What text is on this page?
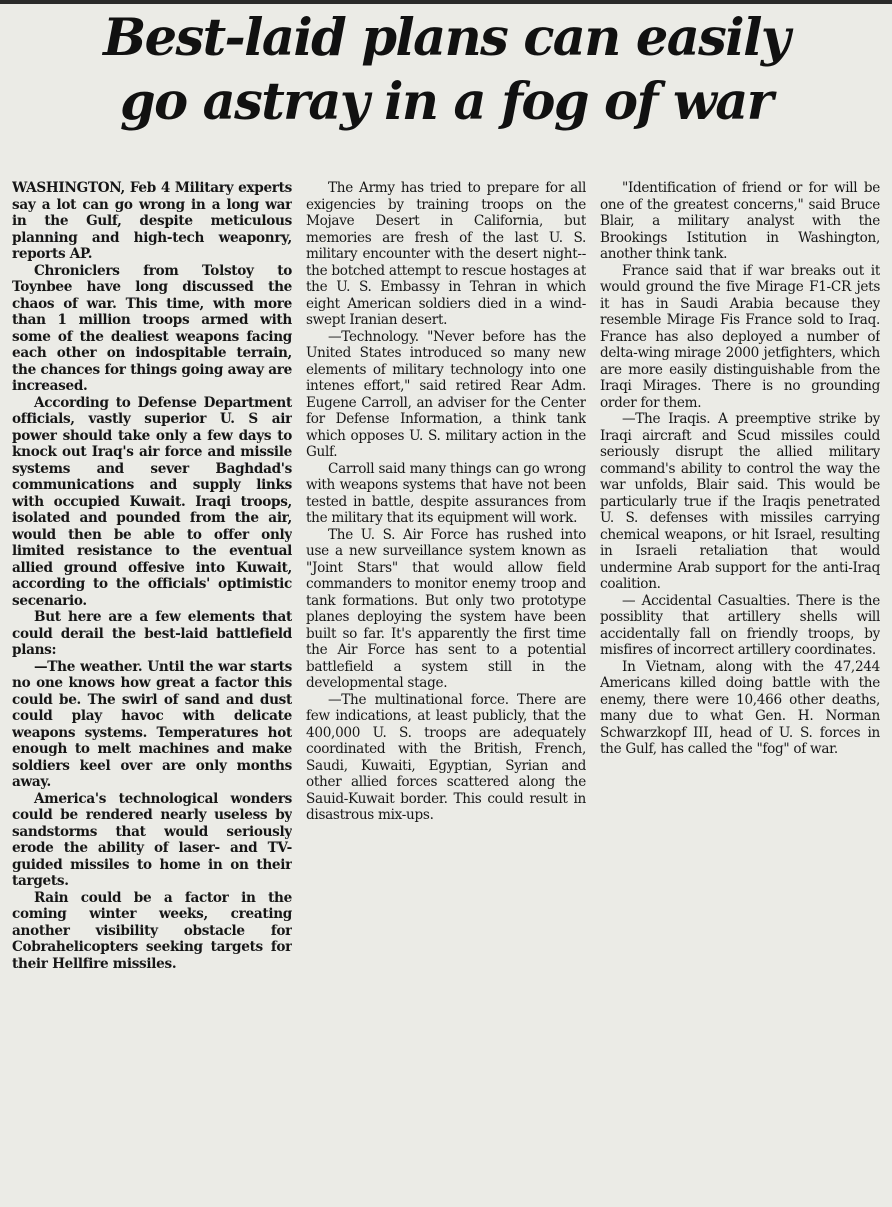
Best-laid plans can easily
go astray in a fog of war

WASHINGTON, Feb 4 Military experts say a lot can go wrong in a long war in the Gulf, despite meticulous planning and high-tech weaponry, reports AP.

Chroniclers from Tolstoy to Toynbee have long discussed the chaos of war. This time, with more than 1 million troops armed with some of the dealiest weapons facing each other on indospitable terrain, the chances for things going away are increased.

According to Defense Department officials, vastly superior U. S air power should take only a few days to knock out Iraq's air force and missile systems and sever Baghdad's communications and supply links with occupied Kuwait. Iraqi troops, isolated and pounded from the air, would then be able to offer only limited resistance to the eventual allied ground offesive into Kuwait, according to the officials' optimistic secenario.

But here are a few elements that could derail the best-laid battlefield plans:

—The weather. Until the war starts no one knows how great a factor this could be. The swirl of sand and dust could play havoc with delicate weapons systems. Temperatures hot enough to melt machines and make soldiers keel over are only months away.

America's technological wonders could be rendered nearly useless by sandstorms that would seriously erode the ability of laser- and TV-guided missiles to home in on their targets.

Rain could be a factor in the coming winter weeks, creating another visibility obstacle for Cobrahelicopters seeking targets for their Hellfire missiles.

The Army has tried to prepare for all exigencies by training troops on the Mojave Desert in California, but memories are fresh of the last U. S. military encounter with the desert night--the botched attempt to rescue hostages at the U. S. Embassy in Tehran in which eight American soldiers died in a wind-swept Iranian desert.

—Technology. "Never before has the United States introduced so many new elements of military technology into one intenes effort," said retired Rear Adm. Eugene Carroll, an adviser for the Center for Defense Information, a think tank which opposes U. S. military action in the Gulf.

Carroll said many things can go wrong with weapons systems that have not been tested in battle, despite assurances from the military that its equipment will work.

The U. S. Air Force has rushed into use a new surveillance system known as "Joint Stars" that would allow field commanders to monitor enemy troop and tank formations. But only two prototype planes deploying the system have been built so far. It's apparently the first time the Air Force has sent to a potential battlefield a system still in the developmental stage.

—The multinational force. There are few indications, at least publicly, that the 400,000 U. S. troops are adequately coordinated with the British, French, Saudi, Kuwaiti, Egyptian, Syrian and other allied forces scattered along the Sauid-Kuwait border. This could result in disastrous mix-ups.

"Identification of friend or for will be one of the greatest concerns," said Bruce Blair, a military analyst with the Brookings Istitution in Washington, another think tank.

France said that if war breaks out it would ground the five Mirage F1-CR jets it has in Saudi Arabia because they resemble Mirage Fis France sold to Iraq. France has also deployed a number of delta-wing mirage 2000 jetfighters, which are more easily distinguishable from the Iraqi Mirages. There is no grounding order for them.

—The Iraqis. A preemptive strike by Iraqi aircraft and Scud missiles could seriously disrupt the allied military command's ability to control the way the war unfolds, Blair said. This would be particularly true if the Iraqis penetrated U. S. defenses with missiles carrying chemical weapons, or hit Israel, resulting in Israeli retaliation that would undermine Arab support for the anti-Iraq coalition.

— Accidental Casualties. There is the possiblity that artillery shells will accidentally fall on friendly troops, by misfires of incorrect artillery coordinates.

In Vietnam, along with the 47,244 Americans killed doing battle with the enemy, there were 10,466 other deaths, many due to what Gen. H. Norman Schwarzkopf III, head of U. S. forces in the Gulf, has called the "fog" of war.
